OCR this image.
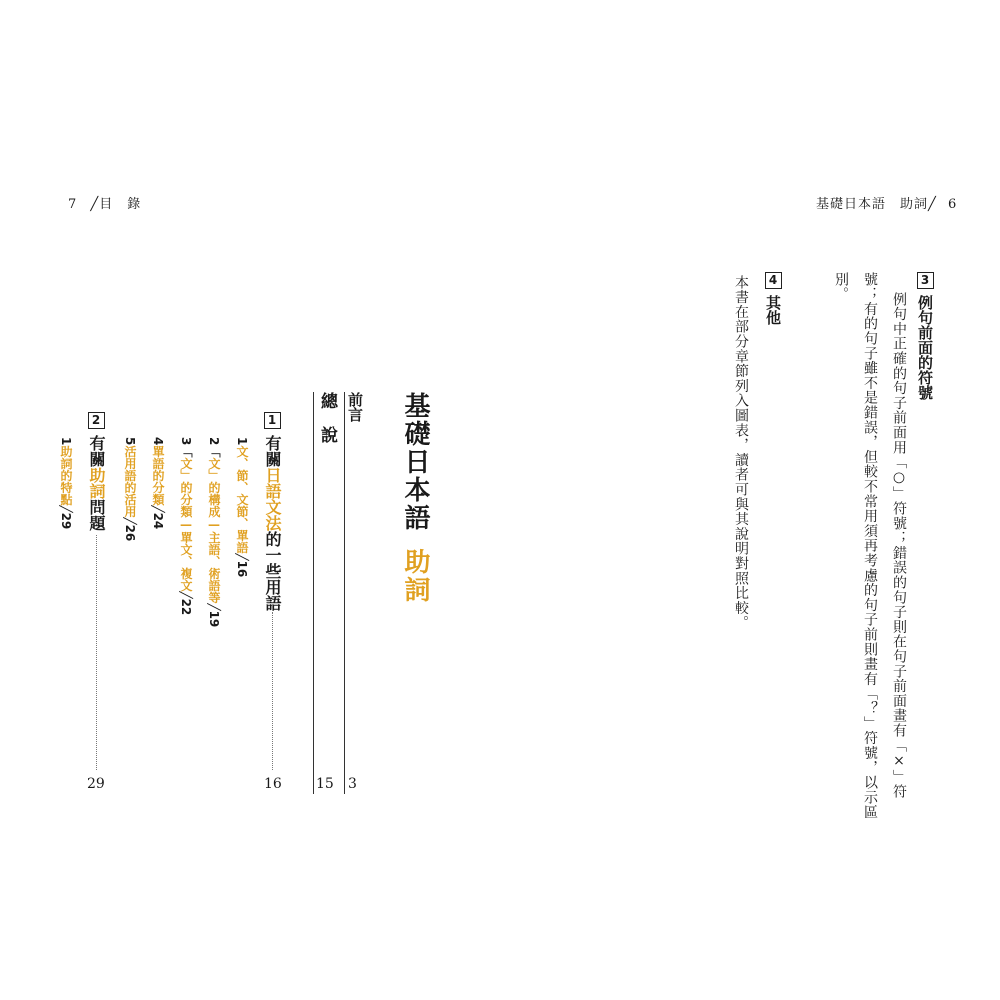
7 ╱目　錄	基礎日本語　助詞╱ 6
基礎日本語助詞
前言
3
總　說
15
1有關日語文法的一些用語
16
1文、節、文節、單語╱16
2「文」的構成—主語、術語等╱19
3「文」的分類—單文、複文╱22
4單語的分類╱24
5活用語的活用╱26
2有關助詞問題
29
1助詞的特點╱29
3例句前面的符號
例句中正確的句子前面用「○」符號；錯誤的句子則在句子前面畫有「×」符
號；有的句子雖不是錯誤，但較不常用須再考慮的句子前則畫有「？」符號，以示區
別。
4其他
本書在部分章節列入圖表，讀者可與其說明對照比較。
